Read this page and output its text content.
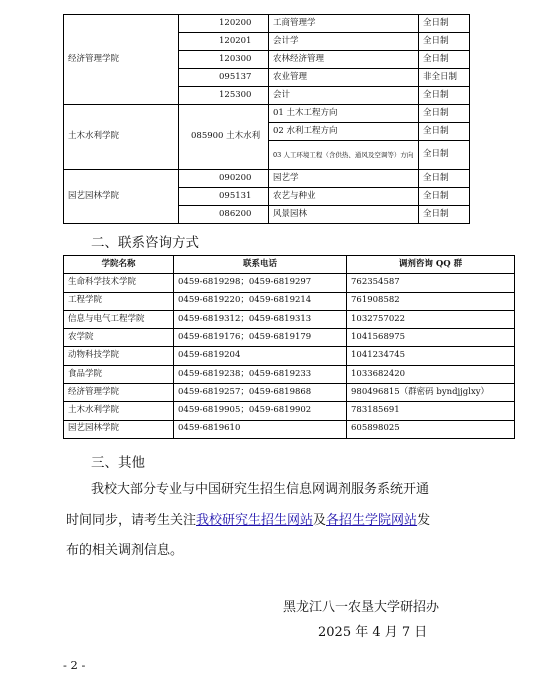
经济管理学院	120200	工商管理学	全日制
	120201	会计学	全日制
	120300	农林经济管理	全日制
	095137	农业管理	非全日制
	125300	会计	全日制
土木水利学院	085900 土木水利	01 土木工程方向	全日制
		02 水利工程方向	全日制
		03 人工环境工程（含供热、通风及空调等）方向	全日制
园艺园林学院	090200	园艺学	全日制
	095131	农艺与种业	全日制
	086200	风景园林	全日制
二、联系咨询方式
学院名称	联系电话	调剂咨询 QQ 群
生命科学技术学院	0459-6819298；0459-6819297	762354587
工程学院	0459-6819220；0459-6819214	761908582
信息与电气工程学院	0459-6819312；0459-6819313	1032757022
农学院	0459-6819176；0459-6819179	1041568975
动物科技学院	0459-6819204	1041234745
食品学院	0459-6819238；0459-6819233	1033682420
经济管理学院	0459-6819257；0459-6819868	980496815（群密码 byndjjglxy）
土木水利学院	0459-6819905；0459-6819902	783185691
园艺园林学院	0459-6819610	605898025
三、其他
我校大部分专业与中国研究生招生信息网调剂服务系统开通
时间同步，请考生关注我校研究生招生网站及各招生学院网站发
布的相关调剂信息。
黑龙江八一农垦大学研招办
2025 年 4 月 7 日
- 2 -
